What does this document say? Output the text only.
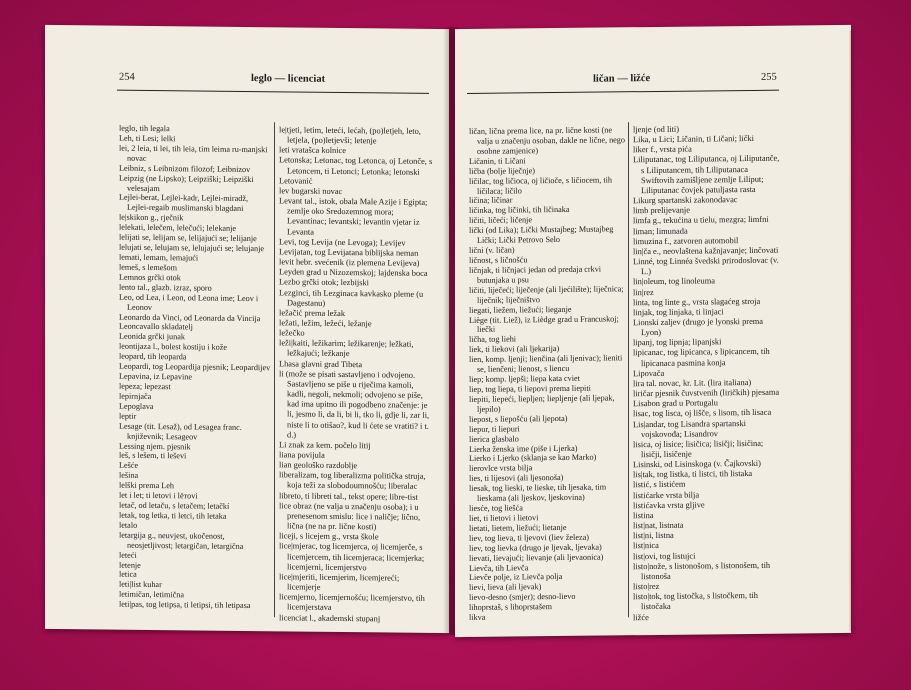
254	leglo — licenciat

leglo, tih legala

Leh, ti Lesi; lelki

lei, 2 leia, ti lei, tih leia, tim leima ru-manjski novac

Leibniz, s Leibnizom filozof; Leibnizov

Leipzig (ne Lipsko); Leipziški; Leipziški velesajam

Lejlei-berat, Lejlei-kadr, Lejlei-miradž, Lejlei-regaib muslimanski blagdani

le|skikon g., rječnik

lelekati, lelečem, lelečući; lelekanje

lelijati se, lelijam se, lelijajući se; lelijanje

lelujati se, lelujam se, lelujajući se; lelujanje

lemati, lemam, lemajući

lemeš, s lemešom

Lemnos grčki otok

lento tal., glazb. izraz, sporo

Leo, od Lea, i Leon, od Leona ime; Leov i Leonov

Leonardo da Vinci, od Leonarda da Vincija

Leoncavallo skladatelj

Leonida grčki junak

leontijaza l., bolest kostiju i kože

leopard, tih leoparda

Leopardi, tog Leopardija pjesnik; Leopardijev

Lepavina, iz Lepavine

lepeza; lepezast

lepirnjača

Lepoglava

leptir

Lesage (tit. Lesaž), od Lesagea franc. književnik; Lesageov

Lessing njem. pjesnik

leš, s lešem, ti leševi

Lešće

lešina

lelški prema Leh

let i let; ti letovi i lётovi

letač, od letaču, s letačem; letačkí

letak, tog letka, ti letci, tih letaka

letalo

letargija g., neuvjest, ukočenost, neosjetljivost; letargičan, letargična

leteći

letenje

letica

leti|list kuhar

letimičan, letimična

leti|pas, tog letipsa, ti letipsi, tih letipasa

le|tjeti, letim, leteći, lećah, (po)letjeh, leto, letjela, (po)letjevši; letenje

leti vratašca kolnice

Letonska; Letonac, tog Letonca, oj Letonče, s Letoncem, ti Letonci; Letonka; letonski

Letovanić

lev bugarski novac

Levant tal., istok, obala Male Azije i Egipta; zemlje oko Sredozemnog mora; Levantinac; levantski; levantin vjetar iz Levanta

Levi, tog Levija (ne Levoga); Levijev

Levijatan, tog Levijatana biblijska neman

levit hebr. svećenik (iz plemena Levijeva)

Leyden grad u Nizozemskoj; lajdenska boca

Lezbo grčki otok; lezbijski

Lezginci, tih Lezginaca kavkasko pleme (u Dagestanu)

ležačić prema ležak

ležati, ležim, ležeći, ležanje

ležečko

leži|kaiti, ležikarim; ležikarenje; ležkati, ležkajući; ležkanje

Lhasa glavni grad Tibeta

li (može se pisati sastavljeno i odvojeno. Sastavljeno se piše u riječima kamoli, kadli, negoli, nekmoli; odvojeno se piše, kad ima upitno ili pogodbeno značenje: je li, jesmo li, da li, bi li, tko li, gdje li, zar li, niste li to otišao?, kud li ćete se vratiti? i t. d.)

Li znak za kem. počelo litij

liana povijula

lian geološko razdoblje

liberalizam, tog liberalizma politička struja, koja teži za slobodoumnošću; liberalac

libreto, ti libreti tal., tekst opere; libre-tist

lice obraz (ne valja u značenju osoba); i u prenesenom smislu: lice i naličje; lično, lična (ne na pr. lične kosti)

liceji, s licejem g., vrsta škole

lice|mjerac, tog licemjerca, oj licemjerče, s licemjercem, tih licemjeraca; licemjerka; licemjerni, licemjerstvo

lice|mjeriti, licemjerim, licemjereći; licemjerje

licemjerno, licemjernošću; licemjerstvo, tih licemjerstava

licenciat l., akademski stupanj

ličan — ližće	255

ličan, lična prema lice, na pr. lične kosti (ne valja u značenju osoban, dakle ne lične, nego osobne zamjenice)

Ličanin, ti Ličani

ličba (bolje liječnje)

ličilac, tog ličioca, oj ličioče, s ličiocem, tih ličilaca; ličilo

ličina; ličinar

ličinka, tog ličinki, tih ličinaka

ličiti, ličeći; ličenje

lički (od Lika); Lički Mustajbeg; Mustajbeg Lički; Lički Petrovo Selo

lični (v. ličan)

ličnost, s ličnošću

ličnjak, ti ličnjaci jedan od predaja crkvi butunjaka u psu

ličiti, liječeći; liječenje (ali ljećilište); liječnica; liječnik; liječništvo

liegati, liežem, liežući; lieganje

Liège (tit. Liež), iz Lièdge grad u Francuskoj; liečki

ličha, tog liehi

liek, ti liekovi (ali ljekarija)

lien, komp. ljenji; lienčina (ali ljenivac); lieniti se, lienčeni; lienost, s liencu

liep; komp. ljepši; liepa kata cviet

liep, tog liepa, ti liepovi prema liepiti

liepiti, liepeći, liepljen; liepljenje (ali ljepak, ljepilo)

liepost, s liepošću (ali ljepota)

liepur, ti liepuri

lierica glasbalo

Lierka ženska ime (piše i Ljerka)

Lierko i Ljerko (sklanja se kao Marko)

lierovlce vrsta bilja

lies, ti lijesovi (ali ljesonoša)

liesak, tog lieski, te lieske, tih ljesaka, tim lieskama (ali ljeskov, ljeskovina)

liesće, tog liešća

liet, ti lietovi i lietovi

lietati, lietem, liežući; lietanje

liev, tog lieva, ti ljevovi (liev železa)

liev, tog lievka (drugo je ljevak, ljevaka)

lievati, lievajući; lievanje (ali ljevaonica)

Lievča, tih Lievča

Lievče polje, iz Lievča polja

lievi, lieva (ali ljevak)

lievo-desno (smjer); desno-lievo

lihoprstaš, s lihoprstašem

likva

ljenje (od liti)

Lika, u Lici; Ličanin, ti Ličani; lički

liker f., vrsta pića

Liliputanac, tog Liliputanca, oj Liliputanče, s Liliputancem, tih Liliputanaca Swiftovih zamišljene zemlje Liliput; Liliputanac čovjek patuljasta rasta

Likurg spartanski zakonodavac

limb prelijevanje

limfa g., tekućina u tielu, mezgra; limfni

liman; limunada

limuzina f., zatvoren automobil

lin|ča e., neovlaštena kažnjavanje; linčovati

Linné, tog Linnéa švedski prirodoslovac (v. L.)

lin|oleum, tog linoleuma

lin|rez

linta, tog linte g., vrsta slagaćeg stroja

linjak, tog linjaka, ti linjaci

Lionski zaljev (drugo je lyonski prema Lyon)

lipanj, tog lipnja; lipanjski

lipicanac, tog lipicanca, s lipicancem, tih lipicanaca pasmina konja

Lipovača

lira tal. novac, kr. Lit. (lira italiana)

liričar pjesnik čuvstvenih (liričkih) pjesama

Lisabon grad u Portugalu

lisac, tog lisca, oj lišče, s lisom, tih lisaca

Lis|andar, tog Lisandra spartanski vojskovođa; Lisandrov

lisica, oj lisice; lisičica; lisičji; lisičina; lisičji, lisičenje

Lisinski, od Lisinskoga (v. Čajkovski)

lis|tak, tog listka, ti listci, tih listaka

listić, s listićem

listićarke vrsta bilja

listićavka vrsta gljive

listina

list|nat, listnata

list|ni, listna

list|nica

list|ovi, tog listujci

listo|nože, s listonošom, s listonošem, tih listonoša

listo|rez

listo|tok, tog listočka, s listočkem, tih listočaka

ližće
